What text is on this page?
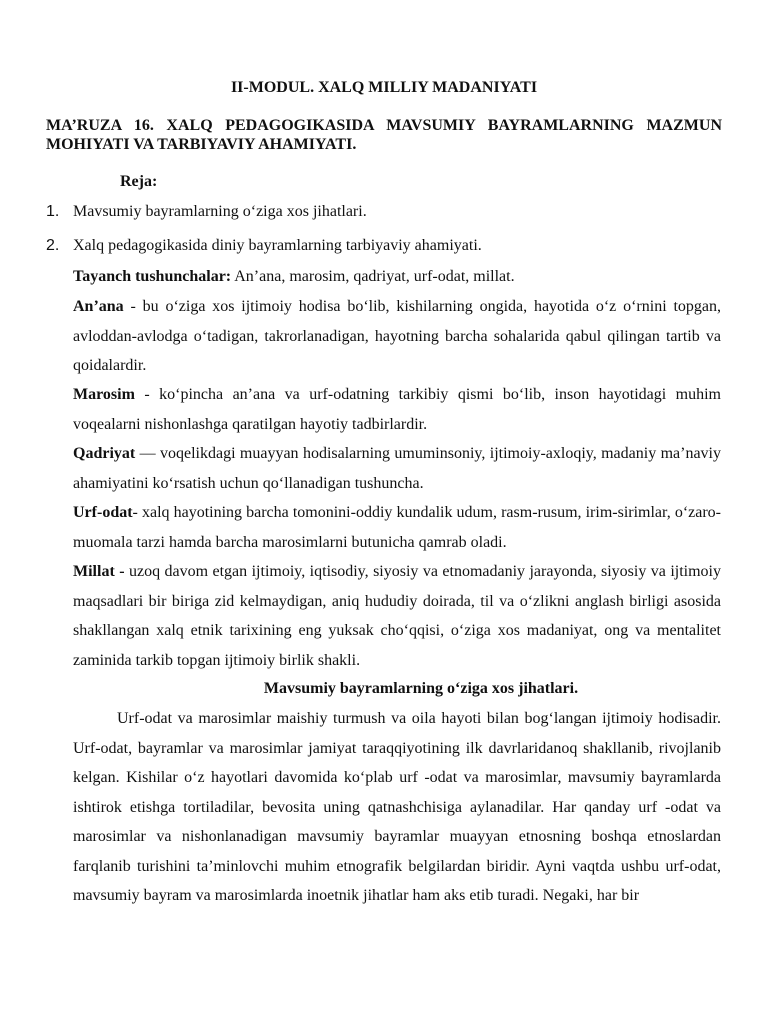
II-MODUL. XALQ MILLIY MADANIYATI

MA’RUZA 16. XALQ PEDAGOGIKASIDA MAVSUMIY BAYRAMLARNING MAZMUN MOHIYATI VA TARBIYAVIY AHAMIYATI.

Reja:

1. Mavsumiy bayramlarning o‘ziga xos jihatlari.

2. Xalq pedagogikasida diniy bayramlarning tarbiyaviy ahamiyati.

Tayanch tushunchalar: An’ana, marosim, qadriyat, urf-odat, millat.

An’ana - bu o‘ziga xos ijtimoiy hodisa bo‘lib, kishilarning ongida, hayotida o‘z o‘rnini topgan, avloddan-avlodga o‘tadigan, takrorlanadigan, hayotning barcha sohalarida qabul qilingan tartib va qoidalardir.

Marosim - ko‘pincha an’ana va urf-odatning tarkibiy qismi bo‘lib, inson hayotidagi muhim voqealarni nishonlashga qaratilgan hayotiy tadbirlardir.

Qadriyat — voqelikdagi muayyan hodisalarning umuminsoniy, ijtimoiy-axloqiy, madaniy ma’naviy ahamiyatini ko‘rsatish uchun qo‘llanadigan tushuncha.

Urf-odat- xalq hayotining barcha tomonini-oddiy kundalik udum, rasm-rusum, irim-sirimlar, o‘zaro-muomala tarzi hamda barcha marosimlarni butunicha qamrab oladi.

Millat - uzoq davom etgan ijtimoiy, iqtisodiy, siyosiy va etnomadaniy jarayonda, siyosiy va ijtimoiy maqsadlari bir biriga zid kelmaydigan, aniq hududiy doirada, til va o‘zlikni anglash birligi asosida shakllangan xalq etnik tarixining eng yuksak cho‘qqisi, o‘ziga xos madaniyat, ong va mentalitet zaminida tarkib topgan ijtimoiy birlik shakli.

Mavsumiy bayramlarning o‘ziga xos jihatlari.

Urf-odat va marosimlar maishiy turmush va oila hayoti bilan bog‘langan ijtimoiy hodisadir. Urf-odat, bayramlar va marosimlar jamiyat taraqqiyotining ilk davrlaridanoq shakllanib, rivojlanib kelgan. Kishilar o‘z hayotlari davomida ko‘plab urf -odat va marosimlar, mavsumiy bayramlarda ishtirok etishga tortiladilar, bevosita uning qatnashchisiga aylanadilar. Har qanday urf -odat va marosimlar va nishonlanadigan mavsumiy bayramlar muayyan etnosning boshqa etnoslardan farqlanib turishini ta’minlovchi muhim etnografik belgilardan biridir. Ayni vaqtda ushbu urf-odat, mavsumiy bayram va marosimlarda inoetnik jihatlar ham aks etib turadi. Negaki, har bir
